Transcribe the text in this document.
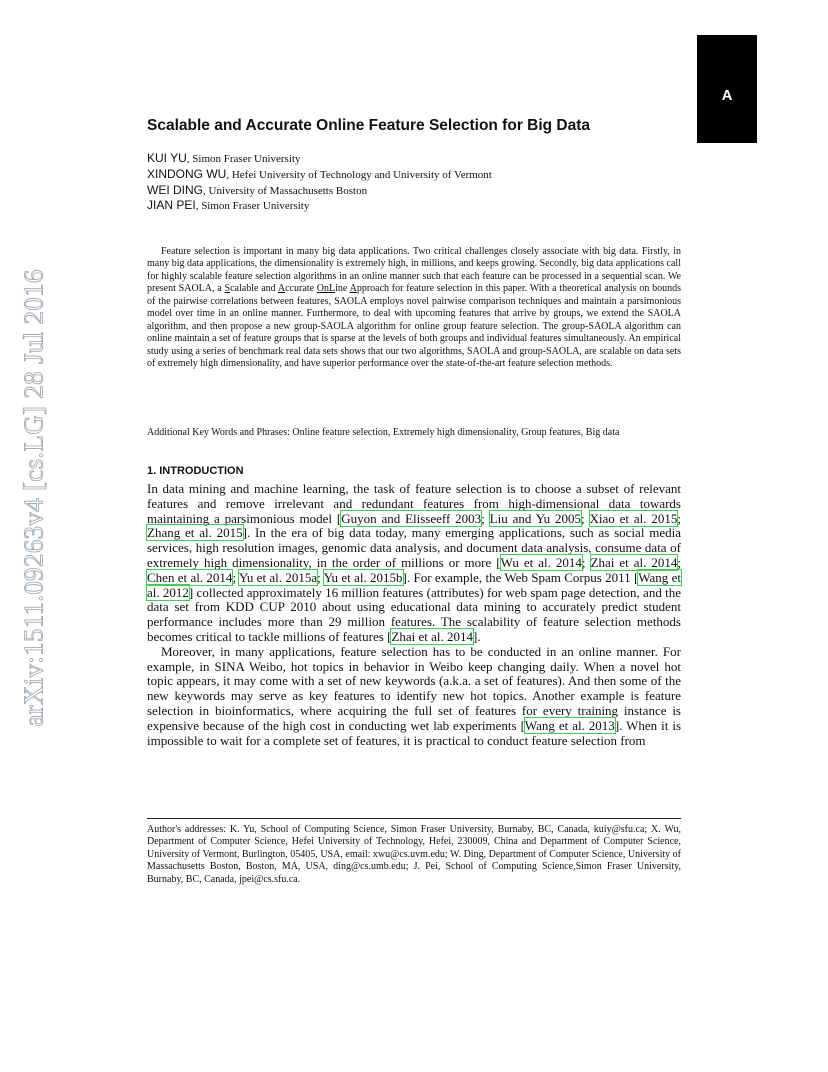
A
arXiv:1511.09263v4 [cs.LG] 28 Jul 2016
Scalable and Accurate Online Feature Selection for Big Data
KUI YU, Simon Fraser University
XINDONG WU, Hefei University of Technology and University of Vermont
WEI DING, University of Massachusetts Boston
JIAN PEI, Simon Fraser University

Feature selection is important in many big data applications. Two critical challenges closely associate with big data. Firstly, in many big data applications, the dimensionality is extremely high, in millions, and keeps growing. Secondly, big data applications call for highly scalable feature selection algorithms in an online manner such that each feature can be processed in a sequential scan. We present SAOLA, a Scalable and Accurate OnLine Approach for feature selection in this paper. With a theoretical analysis on bounds of the pairwise correlations between features, SAOLA employs novel pairwise comparison techniques and maintain a parsimonious model over time in an online manner. Furthermore, to deal with upcoming features that arrive by groups, we extend the SAOLA algorithm, and then propose a new group-SAOLA algorithm for online group feature selection. The group-SAOLA algorithm can online maintain a set of feature groups that is sparse at the levels of both groups and individual features simultaneously. An empirical study using a series of benchmark real data sets shows that our two algorithms, SAOLA and group-SAOLA, are scalable on data sets of extremely high dimensionality, and have superior performance over the state-of-the-art feature selection methods.

Additional Key Words and Phrases: Online feature selection, Extremely high dimensionality, Group features, Big data

1. INTRODUCTION

In data mining and machine learning, the task of feature selection is to choose a subset of relevant features and remove irrelevant and redundant features from high-dimensional data towards maintaining a parsimonious model [Guyon and Elisseeff 2003; Liu and Yu 2005; Xiao et al. 2015; Zhang et al. 2015]. In the era of big data today, many emerging applications, such as social media services, high resolution images, genomic data analysis, and document data analysis, consume data of extremely high dimensionality, in the order of millions or more [Wu et al. 2014; Zhai et al. 2014; Chen et al. 2014; Yu et al. 2015a; Yu et al. 2015b]. For example, the Web Spam Corpus 2011 [Wang et al. 2012] collected approximately 16 million features (attributes) for web spam page detection, and the data set from KDD CUP 2010 about using educational data mining to accurately predict student performance includes more than 29 million features. The scalability of feature selection methods becomes critical to tackle millions of features [Zhai et al. 2014].

Moreover, in many applications, feature selection has to be conducted in an online manner. For example, in SINA Weibo, hot topics in behavior in Weibo keep changing daily. When a novel hot topic appears, it may come with a set of new keywords (a.k.a. a set of features). And then some of the new keywords may serve as key features to identify new hot topics. Another example is feature selection in bioinformatics, where acquiring the full set of features for every training instance is expensive because of the high cost in conducting wet lab experiments [Wang et al. 2013]. When it is impossible to wait for a complete set of features, it is practical to conduct feature selection from

Author's addresses: K. Yu, School of Computing Science, Simon Fraser University, Burnaby, BC, Canada, kuiy@sfu.ca; X. Wu, Department of Computer Science, Hefei University of Technology, Hefei, 230009, China and Department of Computer Science, University of Vermont, Burlington, 05405, USA, email: xwu@cs.uvm.edu; W. Ding, Department of Computer Science, University of Massachusetts Boston, Boston, MA, USA, ding@cs.umb.edu; J. Pei, School of Computing Science,Simon Fraser University, Burnaby, BC, Canada, jpei@cs.sfu.ca.
